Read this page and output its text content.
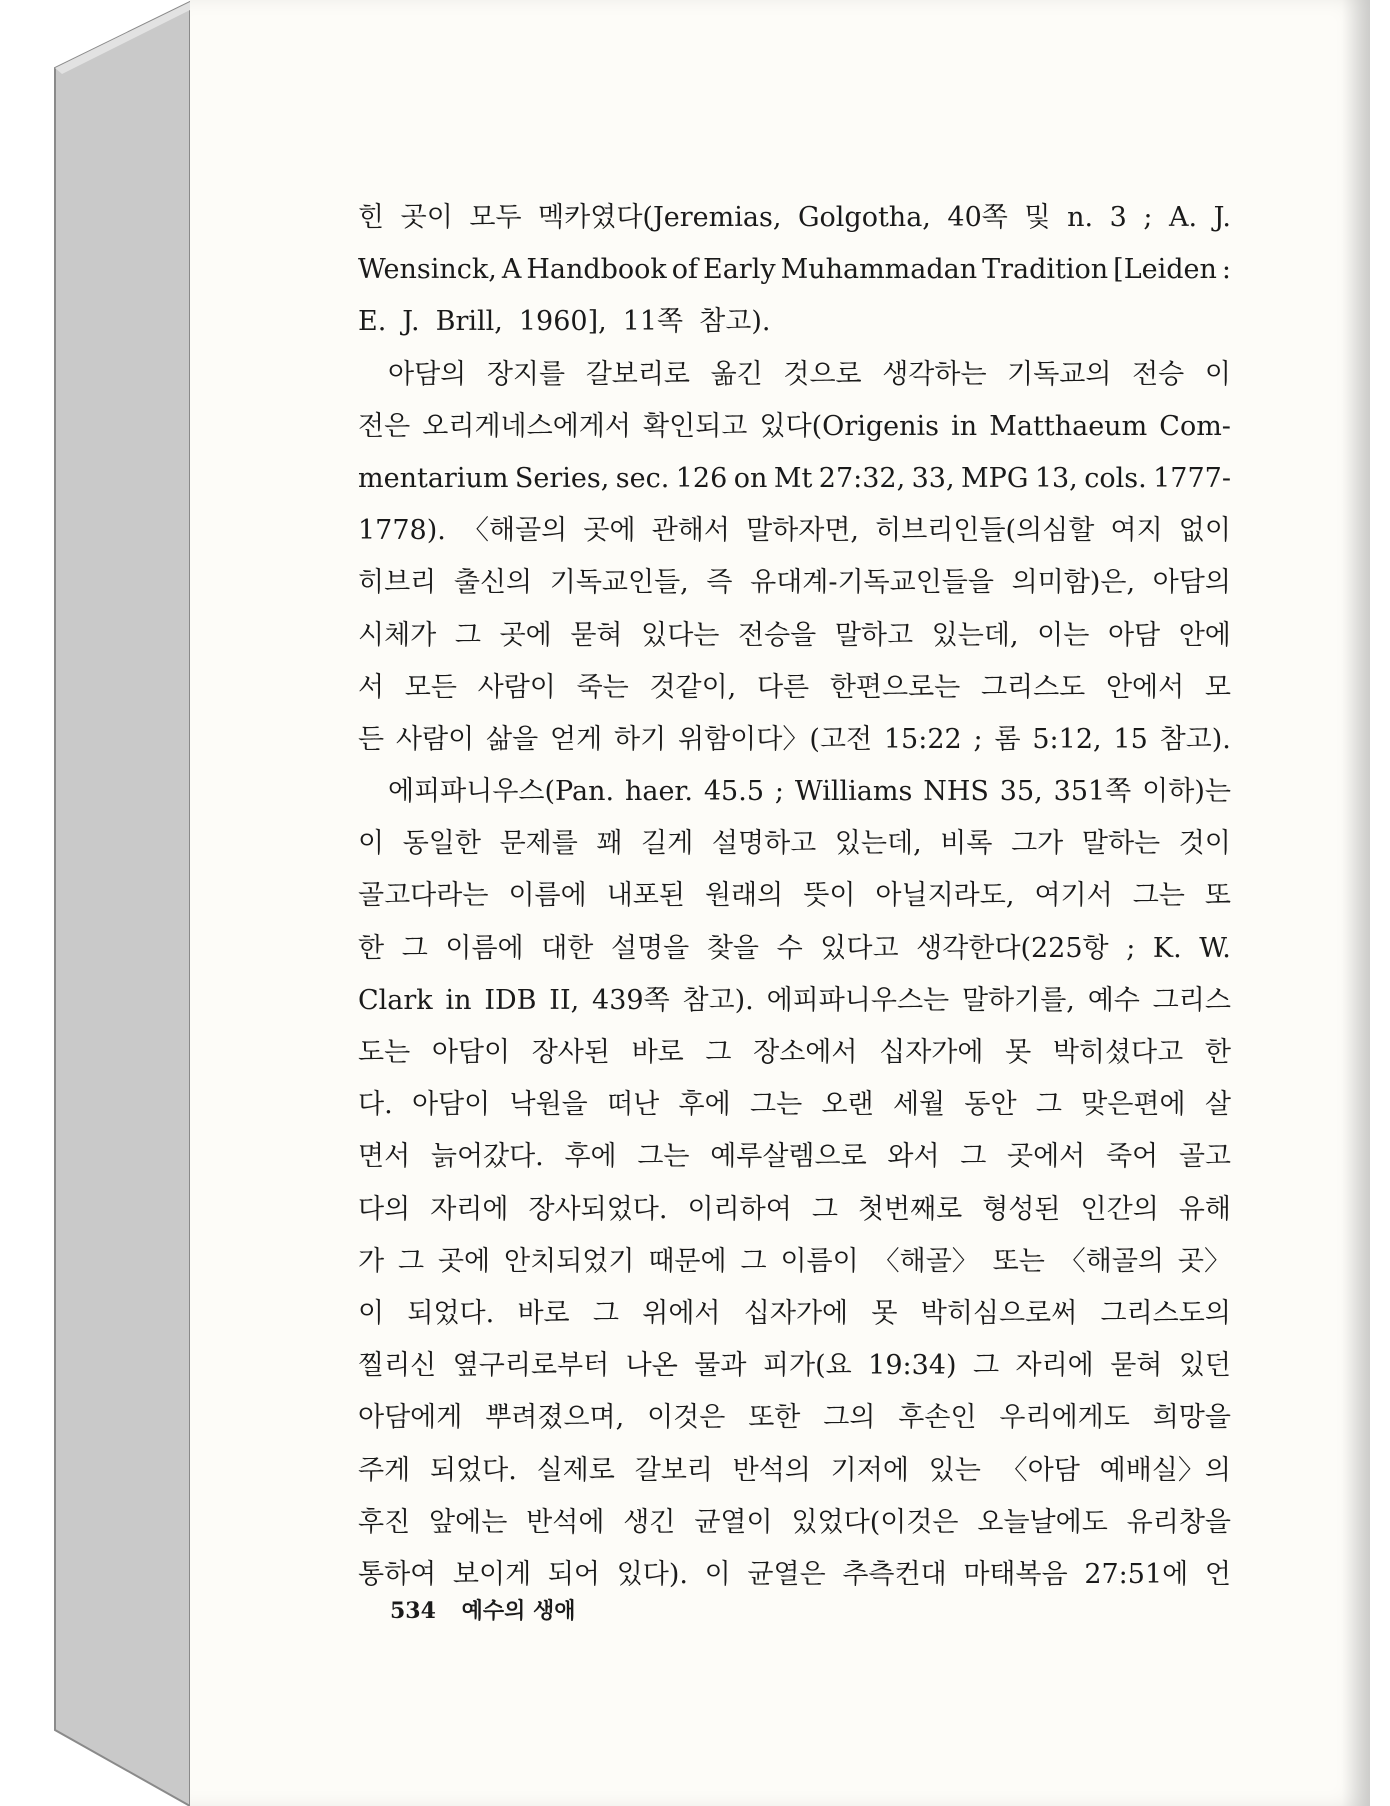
힌 곳이 모두 멕카였다(Jeremias, Golgotha, 40쪽 및 n. 3 ; A. J.
Wensinck, A Handbook of Early Muhammadan Tradition [Leiden :
E. J. Brill, 1960], 11쪽 참고).
아담의 장지를 갈보리로 옮긴 것으로 생각하는 기독교의 전승 이
전은 오리게네스에게서 확인되고 있다(Origenis in Matthaeum Com-
mentarium Series, sec. 126 on Mt 27:32, 33, MPG 13, cols. 1777-
1778). 〈해골의 곳에 관해서 말하자면, 히브리인들(의심할 여지 없이
히브리 출신의 기독교인들, 즉 유대계-기독교인들을 의미함)은, 아담의
시체가 그 곳에 묻혀 있다는 전승을 말하고 있는데, 이는 아담 안에
서 모든 사람이 죽는 것같이, 다른 한편으로는 그리스도 안에서 모
든 사람이 삶을 얻게 하기 위함이다〉(고전 15:22 ; 롬 5:12, 15 참고).
에피파니우스(Pan. haer. 45.5 ; Williams NHS 35, 351쪽 이하)는
이 동일한 문제를 꽤 길게 설명하고 있는데, 비록 그가 말하는 것이
골고다라는 이름에 내포된 원래의 뜻이 아닐지라도, 여기서 그는 또
한 그 이름에 대한 설명을 찾을 수 있다고 생각한다(225항 ; K. W.
Clark in IDB II, 439쪽 참고). 에피파니우스는 말하기를, 예수 그리스
도는 아담이 장사된 바로 그 장소에서 십자가에 못 박히셨다고 한
다. 아담이 낙원을 떠난 후에 그는 오랜 세월 동안 그 맞은편에 살
면서 늙어갔다. 후에 그는 예루살렘으로 와서 그 곳에서 죽어 골고
다의 자리에 장사되었다. 이리하여 그 첫번째로 형성된 인간의 유해
가 그 곳에 안치되었기 때문에 그 이름이 〈해골〉 또는 〈해골의 곳〉
이 되었다. 바로 그 위에서 십자가에 못 박히심으로써 그리스도의
찔리신 옆구리로부터 나온 물과 피가(요 19:34) 그 자리에 묻혀 있던
아담에게 뿌려졌으며, 이것은 또한 그의 후손인 우리에게도 희망을
주게 되었다. 실제로 갈보리 반석의 기저에 있는 〈아담 예배실〉의
후진 앞에는 반석에 생긴 균열이 있었다(이것은 오늘날에도 유리창을
통하여 보이게 되어 있다). 이 균열은 추측컨대 마태복음 27:51에 언
534 예수의 생애
